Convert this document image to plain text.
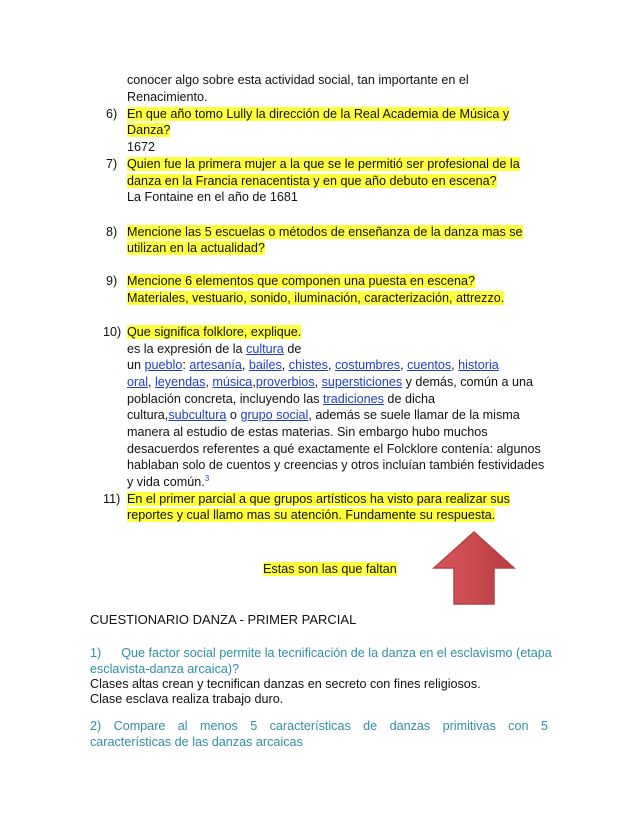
conocer algo sobre esta actividad social, tan importante en el
Renacimiento.
6) En que año tomo Lully la dirección de la Real Academia de Música y
Danza?
1672
7) Quien fue la primera mujer a la que se le permitió ser profesional de la
danza en la Francia renacentista y en que año debuto en escena?
La Fontaine en el año de 1681
8) Mencione las 5 escuelas o métodos de enseñanza de la danza mas se
utilizan en la actualidad?
9) Mencione 6 elementos que componen una puesta en escena?
Materiales, vestuario, sonido, iluminación, caracterización, attrezzo.
10) Que significa folklore, explique.
es la expresión de la cultura de
un pueblo: artesanía, bailes, chistes, costumbres, cuentos, historia
oral, leyendas, música,proverbios, supersticiones y demás, común a una
población concreta, incluyendo las tradiciones de dicha
cultura,subcultura o grupo social, además se suele llamar de la misma
manera al estudio de estas materias. Sin embargo hubo muchos
desacuerdos referentes a qué exactamente el Folcklore contenía: algunos
hablaban solo de cuentos y creencias y otros incluían también festividades
y vida común.$^3$
11) En el primer parcial a que grupos artísticos ha visto para realizar sus
reportes y cual llamo mas su atención. Fundamente su respuesta.
Estas son las que faltan
CUESTIONARIO DANZA - PRIMER PARCIAL
1) Que factor social permite la tecnificación de la danza en el esclavismo (etapa
esclavista-danza arcaica)?
Clases altas crean y tecnifican danzas en secreto con fines religiosos.
Clase esclava realiza trabajo duro.
2) Compare al menos 5 características de danzas primitivas con 5
características de las danzas arcaicas
